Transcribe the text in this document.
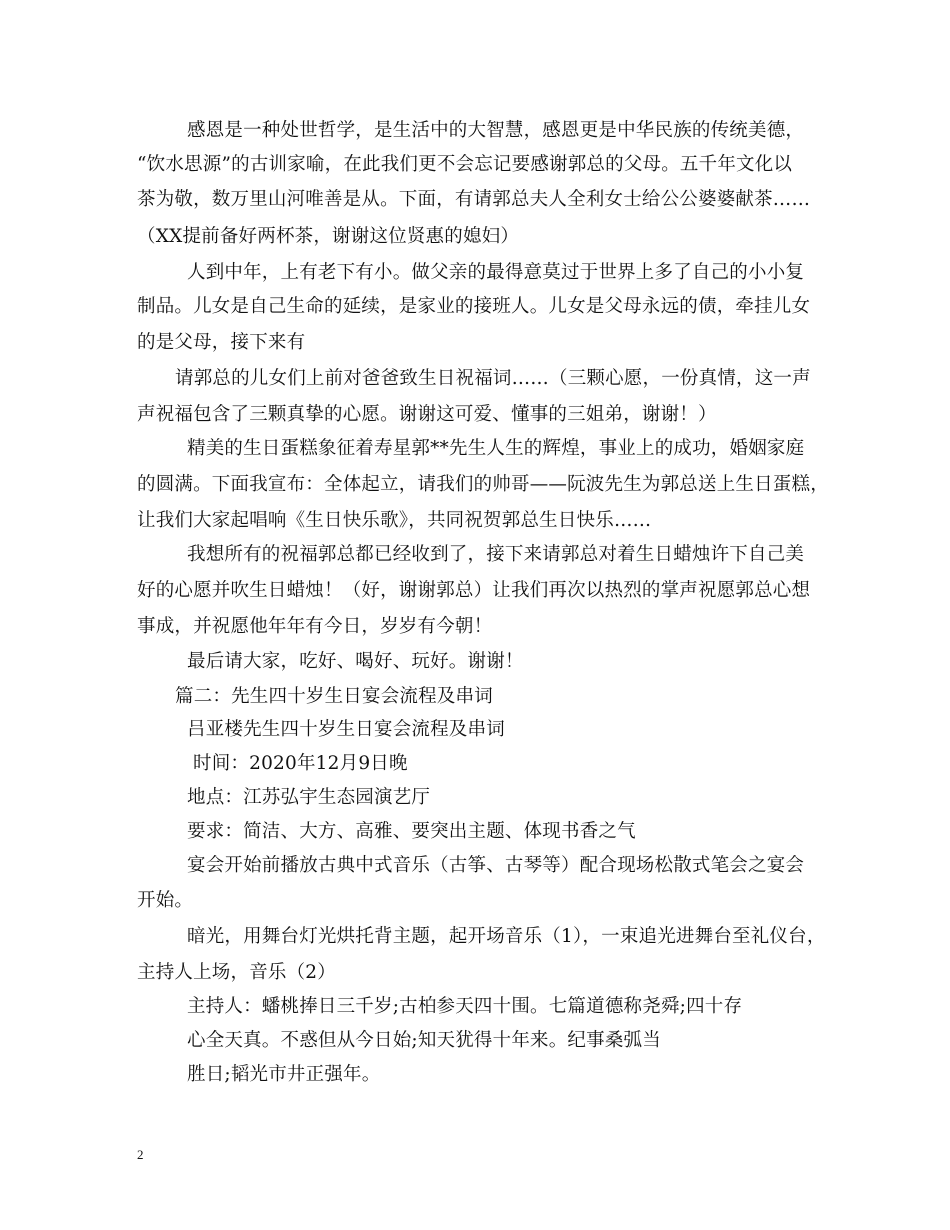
感恩是一种处世哲学，是生活中的大智慧，感恩更是中华民族的传统美德，
“饮水思源”的古训家喻，在此我们更不会忘记要感谢郭总的父母。五千年文化以
茶为敬，数万里山河唯善是从。下面，有请郭总夫人全利女士给公公婆婆献茶……
（XX提前备好两杯茶，谢谢这位贤惠的媳妇）
人到中年，上有老下有小。做父亲的最得意莫过于世界上多了自己的小小复
制品。儿女是自己生命的延续，是家业的接班人。儿女是父母永远的债，牵挂儿女
的是父母，接下来有
请郭总的儿女们上前对爸爸致生日祝福词……（三颗心愿，一份真情，这一声
声祝福包含了三颗真挚的心愿。谢谢这可爱、懂事的三姐弟，谢谢！）
精美的生日蛋糕象征着寿星郭**先生人生的辉煌，事业上的成功，婚姻家庭
的圆满。下面我宣布：全体起立，请我们的帅哥——阮波先生为郭总送上生日蛋糕，
让我们大家起唱响《生日快乐歌》，共同祝贺郭总生日快乐……
我想所有的祝福郭总都已经收到了，接下来请郭总对着生日蜡烛许下自己美
好的心愿并吹生日蜡烛！（好，谢谢郭总）让我们再次以热烈的掌声祝愿郭总心想
事成，并祝愿他年年有今日，岁岁有今朝！
最后请大家，吃好、喝好、玩好。谢谢！
篇二：先生四十岁生日宴会流程及串词
吕亚楼先生四十岁生日宴会流程及串词
时间：2020年12月9日晚
地点：江苏弘宇生态园演艺厅
要求：简洁、大方、高雅、要突出主题、体现书香之气
宴会开始前播放古典中式音乐（古筝、古琴等）配合现场松散式笔会之宴会
开始。
暗光，用舞台灯光烘托背主题，起开场音乐（1），一束追光进舞台至礼仪台，
主持人上场，音乐（2）
主持人：蟠桃捧日三千岁;古柏参天四十围。七篇道德称尧舜;四十存
心全天真。不惑但从今日始;知天犹得十年来。纪事桑弧当
胜日;韬光市井正强年。
2
